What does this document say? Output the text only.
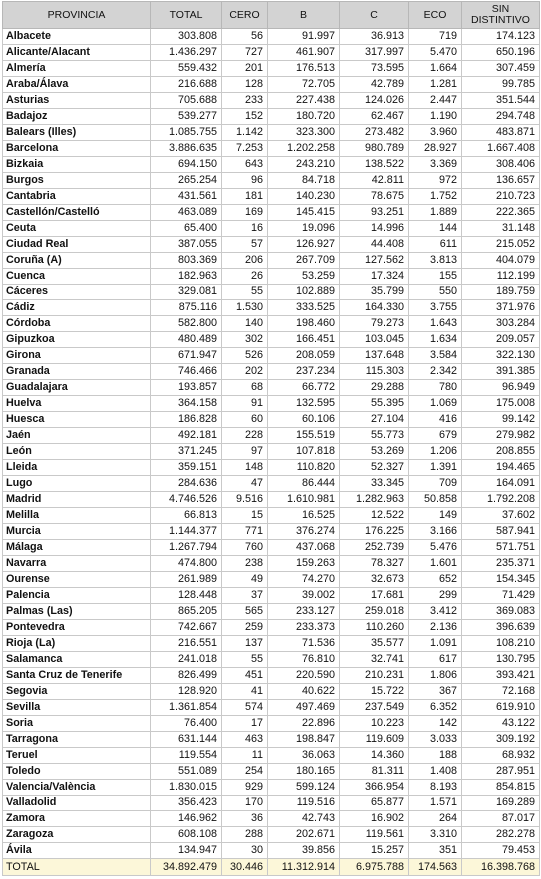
PROVINCIA	TOTAL	CERO	B	C	ECO	SIN DISTINTIVO
Albacete	303.808	56	91.997	36.913	719	174.123
Alicante/Alacant	1.436.297	727	461.907	317.997	5.470	650.196
Almería	559.432	201	176.513	73.595	1.664	307.459
Araba/Álava	216.688	128	72.705	42.789	1.281	99.785
Asturias	705.688	233	227.438	124.026	2.447	351.544
Badajoz	539.277	152	180.720	62.467	1.190	294.748
Balears (Illes)	1.085.755	1.142	323.300	273.482	3.960	483.871
Barcelona	3.886.635	7.253	1.202.258	980.789	28.927	1.667.408
Bizkaia	694.150	643	243.210	138.522	3.369	308.406
Burgos	265.254	96	84.718	42.811	972	136.657
Cantabria	431.561	181	140.230	78.675	1.752	210.723
Castellón/Castelló	463.089	169	145.415	93.251	1.889	222.365
Ceuta	65.400	16	19.096	14.996	144	31.148
Ciudad Real	387.055	57	126.927	44.408	611	215.052
Coruña (A)	803.369	206	267.709	127.562	3.813	404.079
Cuenca	182.963	26	53.259	17.324	155	112.199
Cáceres	329.081	55	102.889	35.799	550	189.759
Cádiz	875.116	1.530	333.525	164.330	3.755	371.976
Córdoba	582.800	140	198.460	79.273	1.643	303.284
Gipuzkoa	480.489	302	166.451	103.045	1.634	209.057
Girona	671.947	526	208.059	137.648	3.584	322.130
Granada	746.466	202	237.234	115.303	2.342	391.385
Guadalajara	193.857	68	66.772	29.288	780	96.949
Huelva	364.158	91	132.595	55.395	1.069	175.008
Huesca	186.828	60	60.106	27.104	416	99.142
Jaén	492.181	228	155.519	55.773	679	279.982
León	371.245	97	107.818	53.269	1.206	208.855
Lleida	359.151	148	110.820	52.327	1.391	194.465
Lugo	284.636	47	86.444	33.345	709	164.091
Madrid	4.746.526	9.516	1.610.981	1.282.963	50.858	1.792.208
Melilla	66.813	15	16.525	12.522	149	37.602
Murcia	1.144.377	771	376.274	176.225	3.166	587.941
Málaga	1.267.794	760	437.068	252.739	5.476	571.751
Navarra	474.800	238	159.263	78.327	1.601	235.371
Ourense	261.989	49	74.270	32.673	652	154.345
Palencia	128.448	37	39.002	17.681	299	71.429
Palmas (Las)	865.205	565	233.127	259.018	3.412	369.083
Pontevedra	742.667	259	233.373	110.260	2.136	396.639
Rioja (La)	216.551	137	71.536	35.577	1.091	108.210
Salamanca	241.018	55	76.810	32.741	617	130.795
Santa Cruz de Tenerife	826.499	451	220.590	210.231	1.806	393.421
Segovia	128.920	41	40.622	15.722	367	72.168
Sevilla	1.361.854	574	497.469	237.549	6.352	619.910
Soria	76.400	17	22.896	10.223	142	43.122
Tarragona	631.144	463	198.847	119.609	3.033	309.192
Teruel	119.554	11	36.063	14.360	188	68.932
Toledo	551.089	254	180.165	81.311	1.408	287.951
Valencia/València	1.830.015	929	599.124	366.954	8.193	854.815
Valladolid	356.423	170	119.516	65.877	1.571	169.289
Zamora	146.962	36	42.743	16.902	264	87.017
Zaragoza	608.108	288	202.671	119.561	3.310	282.278
Ávila	134.947	30	39.856	15.257	351	79.453
TOTAL	34.892.479	30.446	11.312.914	6.975.788	174.563	16.398.768
